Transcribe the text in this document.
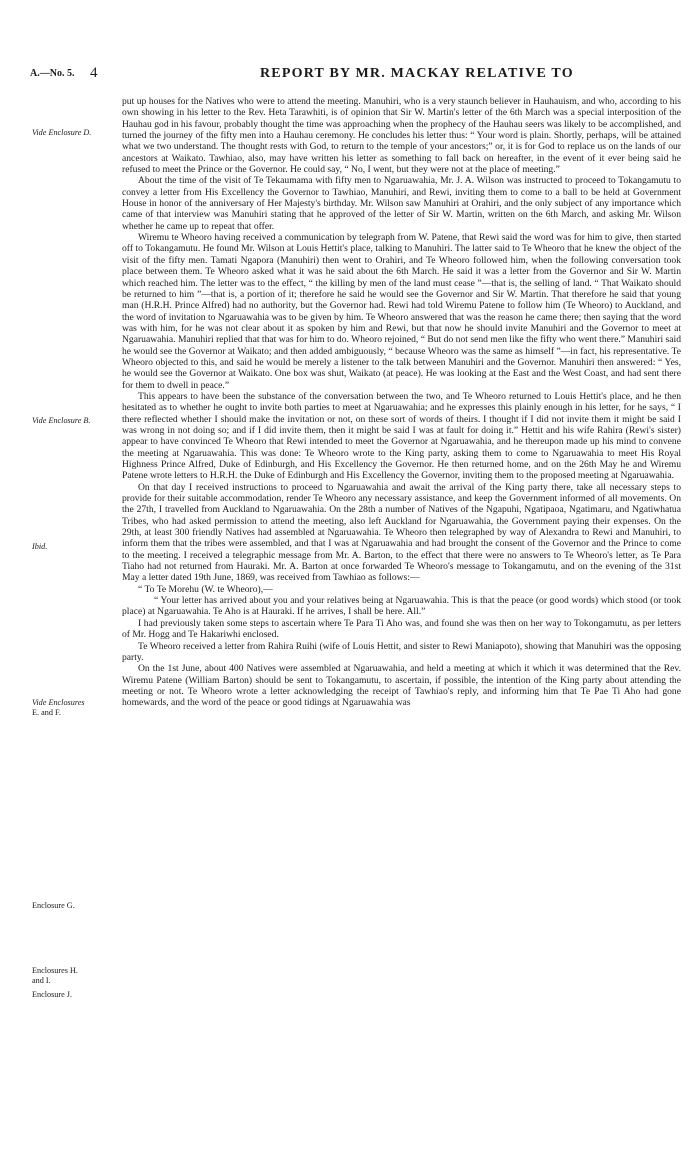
A.—No. 5. 4	REPORT BY MR. MACKAY RELATIVE TO
Vide Enclosure D.
Vide Enclosure B.
Ibid.
Vide Enclosures
E. and F.
Enclosure G.
Enclosures H.
and I.
Enclosure J.

put up houses for the Natives who were to attend the meeting. Manuhiri, who is a very staunch believer in Hauhauism, and who, according to his own showing in his letter to the Rev. Heta Tarawhiti, is of opinion that Sir W. Martin's letter of the 6th March was a special interposition of the Hauhau god in his favour, probably thought the time was approaching when the prophecy of the Hauhau seers was likely to be accomplished, and turned the journey of the fifty men into a Hauhau ceremony. He concludes his letter thus: “ Your word is plain. Shortly, perhaps, will be attained what we two understand. The thought rests with God, to return to the temple of your ancestors;” or, it is for God to replace us on the lands of our ancestors at Waikato. Tawhiao, also, may have written his letter as something to fall back on hereafter, in the event of it ever being said he refused to meet the Prince or the Governor. He could say, “ No, I went, but they were not at the place of meeting.”

About the time of the visit of Te Tekaumama with fifty men to Ngaruawahia, Mr. J. A. Wilson was instructed to proceed to Tokangamutu to convey a letter from His Excellency the Governor to Tawhiao, Manuhiri, and Rewi, inviting them to come to a ball to be held at Government House in honor of the anniversary of Her Majesty's birthday. Mr. Wilson saw Manuhiri at Orahiri, and the only subject of any importance which came of that interview was Manuhiri stating that he approved of the letter of Sir W. Martin, written on the 6th March, and asking Mr. Wilson whether he came up to repeat that offer.

Wiremu te Wheoro having received a communication by telegraph from W. Patene, that Rewi said the word was for him to give, then started off to Tokangamutu. He found Mr. Wilson at Louis Hettit's place, talking to Manuhiri. The latter said to Te Wheoro that he knew the object of the visit of the fifty men. Tamati Ngapora (Manuhiri) then went to Orahiri, and Te Wheoro followed him, when the following conversation took place between them. Te Wheoro asked what it was he said about the 6th March. He said it was a letter from the Governor and Sir W. Martin which reached him. The letter was to the effect, “ the killing by men of the land must cease ”—that is, the selling of land. “ That Waikato should be returned to him ”—that is, a portion of it; therefore he said he would see the Governor and Sir W. Martin. That therefore he said that young man (H.R.H. Prince Alfred) had no authority, but the Governor had. Rewi had told Wiremu Patene to follow him (Te Wheoro) to Auckland, and the word of invitation to Ngaruawahia was to be given by him. Te Wheoro answered that was the reason he came there; then saying that the word was with him, for he was not clear about it as spoken by him and Rewi, but that now he should invite Manuhiri and the Governor to meet at Ngaruawahia. Manuhiri replied that that was for him to do. Wheoro rejoined, “ But do not send men like the fifty who went there.” Manuhiri said he would see the Governor at Waikato; and then added ambiguously, “ because Wheoro was the same as himself ”—in fact, his representative. Te Wheoro objected to this, and said he would be merely a listener to the talk between Manuhiri and the Governor. Manuhiri then answered: “ Yes, he would see the Governor at Waikato. One box was shut, Waikato (at peace). He was looking at the East and the West Coast, and had sent there for them to dwell in peace.”

This appears to have been the substance of the conversation between the two, and Te Wheoro returned to Louis Hettit's place, and he then hesitated as to whether he ought to invite both parties to meet at Ngaruawahia; and he expresses this plainly enough in his letter, for he says, “ I there reflected whether I should make the invitation or not, on these sort of words of theirs. I thought if I did not invite them it might be said I was wrong in not doing so; and if I did invite them, then it might be said I was at fault for doing it.” Hettit and his wife Rahira (Rewi's sister) appear to have convinced Te Wheoro that Rewi intended to meet the Governor at Ngaruawahia, and he thereupon made up his mind to convene the meeting at Ngaruawahia. This was done: Te Wheoro wrote to the King party, asking them to come to Ngaruawahia to meet His Royal Highness Prince Alfred, Duke of Edinburgh, and His Excellency the Governor. He then returned home, and on the 26th May he and Wiremu Patene wrote letters to H.R.H. the Duke of Edinburgh and His Excellency the Governor, inviting them to the proposed meeting at Ngaruawahia.

On that day I received instructions to proceed to Ngaruawahia and await the arrival of the King party there, take all necessary steps to provide for their suitable accommodation, render Te Wheoro any necessary assistance, and keep the Government informed of all movements. On the 27th, I travelled from Auckland to Ngaruawahia. On the 28th a number of Natives of the Ngapuhi, Ngatipaoa, Ngatimaru, and Ngatiwhatua Tribes, who had asked permission to attend the meeting, also left Auckland for Ngaruawahia, the Government paying their expenses. On the 29th, at least 300 friendly Natives had assembled at Ngaruawahia. Te Wheoro then telegraphed by way of Alexandra to Rewi and Manuhiri, to inform them that the tribes were assembled, and that I was at Ngaruawahia and had brought the consent of the Governor and the Prince to come to the meeting. I received a telegraphic message from Mr. A. Barton, to the effect that there were no answers to Te Wheoro's letter, as Te Para Tiaho had not returned from Hauraki. Mr. A. Barton at once forwarded Te Wheoro's message to Tokangamutu, and on the evening of the 31st May a letter dated 19th June, 1869, was received from Tawhiao as follows:—

“ To Te Morehu (W. te Wheoro),—

“ Your letter has arrived about you and your relatives being at Ngaruawahia. This is that the peace (or good words) which stood (or took place) at Ngaruawahia. Te Aho is at Hauraki. If he arrives, I shall be here. All.”

I had previously taken some steps to ascertain where Te Para Ti Aho was, and found she was then on her way to Tokongamutu, as per letters of Mr. Hogg and Te Hakariwhi enclosed.

Te Wheoro received a letter from Rahira Ruihi (wife of Louis Hettit, and sister to Rewi Maniapoto), showing that Manuhiri was the opposing party.

On the 1st June, about 400 Natives were assembled at Ngaruawahia, and held a meeting at which it which it was determined that the Rev. Wiremu Patene (William Barton) should be sent to Tokangamutu, to ascertain, if possible, the intention of the King party about attending the meeting or not. Te Wheoro wrote a letter acknowledging the receipt of Tawhiao's reply, and informing him that Te Pae Ti Aho had gone homewards, and the word of the peace or good tidings at Ngaruawahia was
